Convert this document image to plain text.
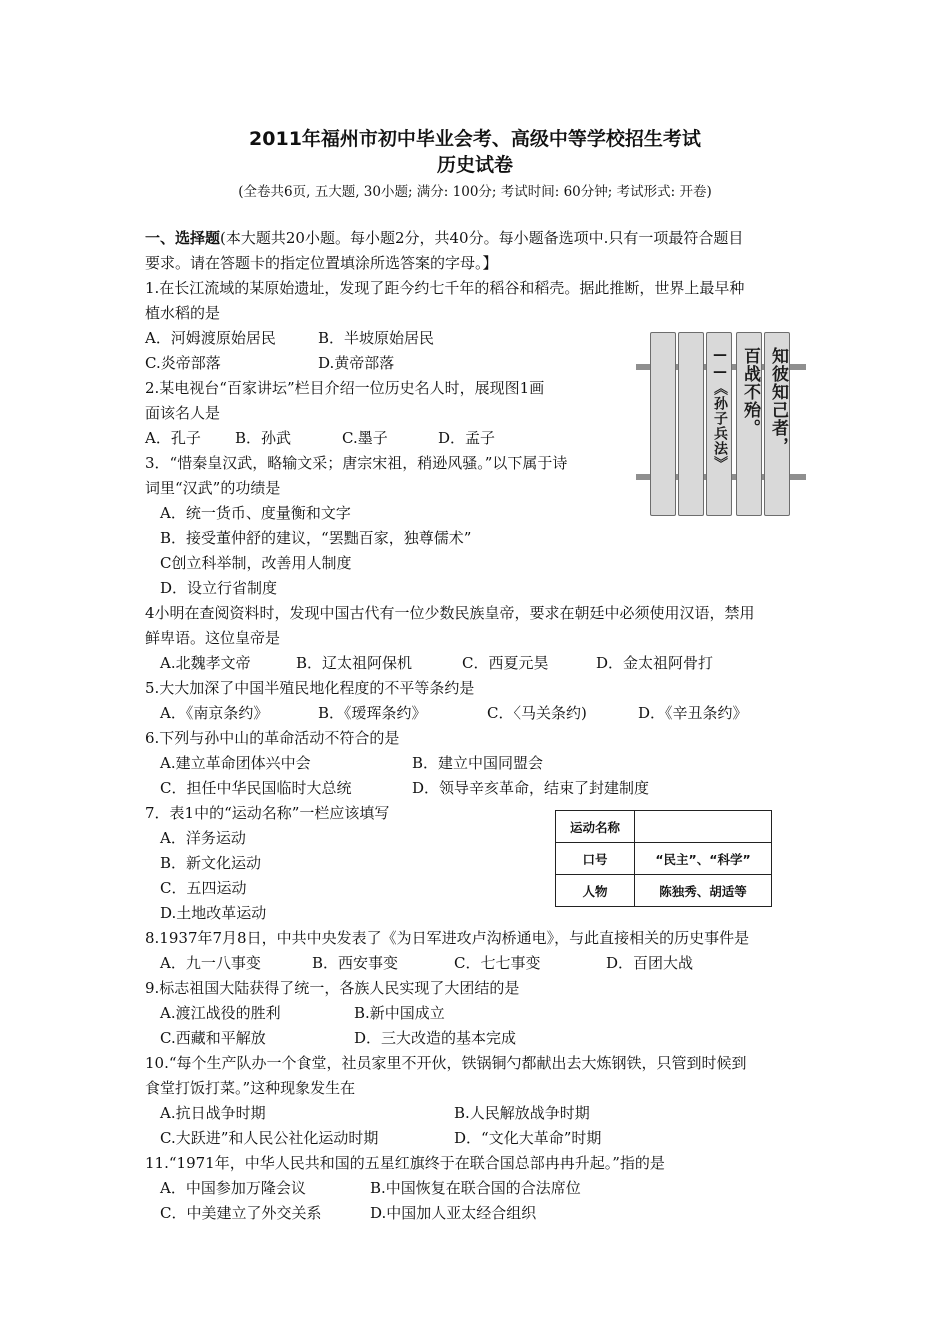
2011年福州市初中毕业会考、高级中等学校招生考试
历史试卷
(全卷共6页, 五大题, 30小题; 满分: 100分; 考试时间: 60分钟; 考试形式: 开卷)
一、选择题(本大题共20小题。每小题2分，共40分。每小题备选项中.只有一项最符合题目
要求。请在答题卡的指定位置填涂所选答案的字母。】
1.在长江流域的某原始遗址，发现了距今约七千年的稻谷和稻壳。据此推断，世界上最早种
植水稻的是
A．河姆渡原始居民	B．半坡原始居民
C.炎帝部落	D.黄帝部落
2.某电视台“百家讲坛”栏目介绍一位历史名人时，展现图1画
面该名人是
A．孔子 B．孙武	C.墨子	D．孟子
3．“惜秦皇汉武，略输文采；唐宗宋祖，稍逊风骚。”以下属于诗
词里“汉武”的功绩是
A．统一货币、度量衡和文字
B．接受董仲舒的建议，“罢黜百家，独尊儒术”
C创立科举制，改善用人制度
D．设立行省制度
——《孙子兵法》 百战不殆。 知彼知己者，
4小明在查阅资料时，发现中国古代有一位少数民族皇帝，要求在朝廷中必须使用汉语，禁用
鲜卑语。这位皇帝是
A.北魏孝文帝	B．辽太祖阿保机	C．西夏元昊	D．金太祖阿骨打
5.大大加深了中国半殖民地化程度的不平等条约是
A．《南京条约》	B．《瑷珲条约》	C．〈马关条约)	D．《辛丑条约》
6.下列与孙中山的革命活动不符合的是
A.建立革命团体兴中会	B．建立中国同盟会
C．担任中华民国临时大总统	D．领导辛亥革命，结束了封建制度
7．表1中的“运动名称”一栏应该填写
A．洋务运动
B．新文化运动
C．五四运动
D.土地改革运动
运动名称	
口号	“民主”、“科学”
人物	陈独秀、胡适等
8.1937年7月8日，中共中央发表了《为日军进攻卢沟桥通电》，与此直接相关的历史事件是
A．九一八事变	B．西安事变	C．七七事变	D．百团大战
9.标志祖国大陆获得了统一，各族人民实现了大团结的是
A.渡江战役的胜利	B.新中国成立
C.西藏和平解放	D．三大改造的基本完成
10.“每个生产队办一个食堂，社员家里不开伙，铁锅铜勺都献出去大炼钢铁，只管到时候到
食堂打饭打菜。”这种现象发生在
A.抗日战争时期	B.人民解放战争时期
C.大跃进”和人民公社化运动时期	D．“文化大革命”时期
11.“1971年，中华人民共和国的五星红旗终于在联合国总部冉冉升起。”指的是
A．中国参加万隆会议	B.中国恢复在联合国的合法席位
C．中美建立了外交关系	D.中国加人亚太经合组织
